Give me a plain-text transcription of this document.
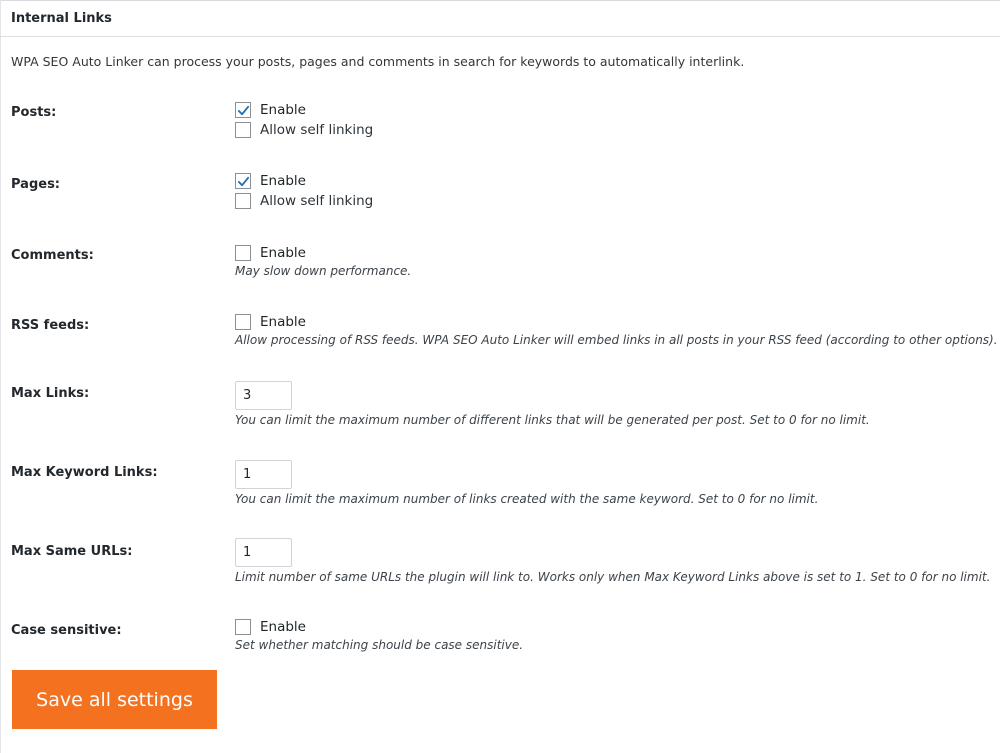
Internal Links
WPA SEO Auto Linker can process your posts, pages and comments in search for keywords to automatically interlink.
Posts:	Enable
Allow self linking
Pages:	Enable
Allow self linking
Comments:	Enable
May slow down performance.
RSS feeds:	Enable
Allow processing of RSS feeds. WPA SEO Auto Linker will embed links in all posts in your RSS feed (according to other options).
Max Links:	3
You can limit the maximum number of different links that will be generated per post. Set to 0 for no limit.
Max Keyword Links:	1
You can limit the maximum number of links created with the same keyword. Set to 0 for no limit.
Max Same URLs:	1
Limit number of same URLs the plugin will link to. Works only when Max Keyword Links above is set to 1. Set to 0 for no limit.
Case sensitive:	Enable
Set whether matching should be case sensitive.
Save all settings
